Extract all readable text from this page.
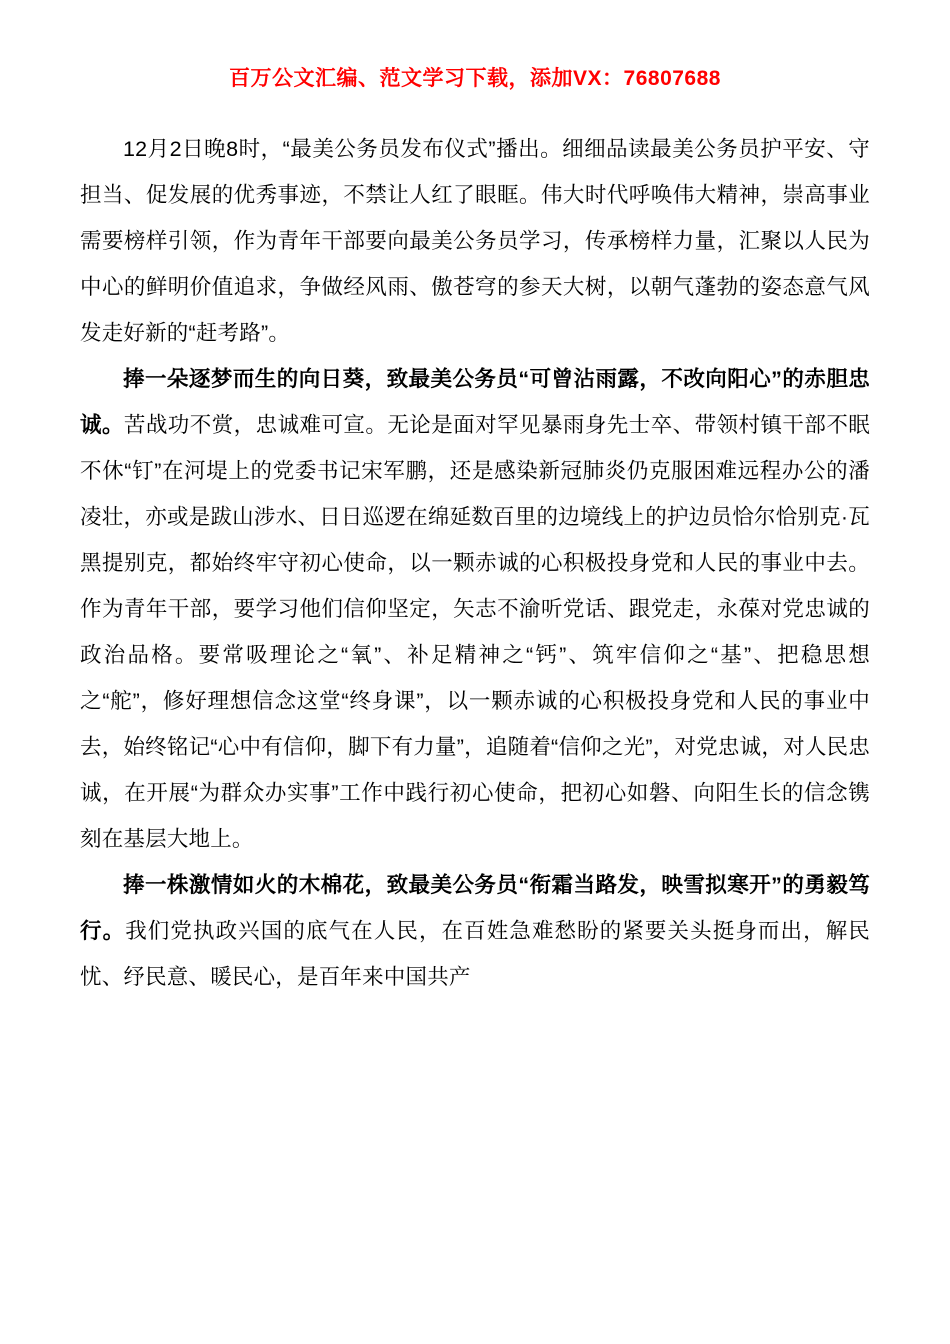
百万公文汇编、范文学习下载，添加VX：76807688

12月2日晚8时，“最美公务员发布仪式”播出。细细品读最美公务员护平安、守担当、促发展的优秀事迹，不禁让人红了眼眶。伟大时代呼唤伟大精神，崇高事业需要榜样引领，作为青年干部要向最美公务员学习，传承榜样力量，汇聚以人民为中心的鲜明价值追求，争做经风雨、傲苍穹的参天大树，以朝气蓬勃的姿态意气风发走好新的“赶考路”。

捧一朵逐梦而生的向日葵，致最美公务员“可曾沾雨露，不改向阳心”的赤胆忠诚。苦战功不赏，忠诚难可宣。无论是面对罕见暴雨身先士卒、带领村镇干部不眠不休“钉”在河堤上的党委书记宋军鹏，还是感染新冠肺炎仍克服困难远程办公的潘凌壮，亦或是跋山涉水、日日巡逻在绵延数百里的边境线上的护边员恰尔恰别克·瓦黑提别克，都始终牢守初心使命，以一颗赤诚的心积极投身党和人民的事业中去。作为青年干部，要学习他们信仰坚定，矢志不渝听党话、跟党走，永葆对党忠诚的政治品格。要常吸理论之“氧”、补足精神之“钙”、筑牢信仰之“基”、把稳思想之“舵”，修好理想信念这堂“终身课”，以一颗赤诚的心积极投身党和人民的事业中去，始终铭记“心中有信仰，脚下有力量”，追随着“信仰之光”，对党忠诚，对人民忠诚，在开展“为群众办实事”工作中践行初心使命，把初心如磐、向阳生长的信念镌刻在基层大地上。

捧一株激情如火的木棉花，致最美公务员“衔霜当路发，映雪拟寒开”的勇毅笃行。我们党执政兴国的底气在人民，在百姓急难愁盼的紧要关头挺身而出，解民忧、纾民意、暖民心，是百年来中国共产
